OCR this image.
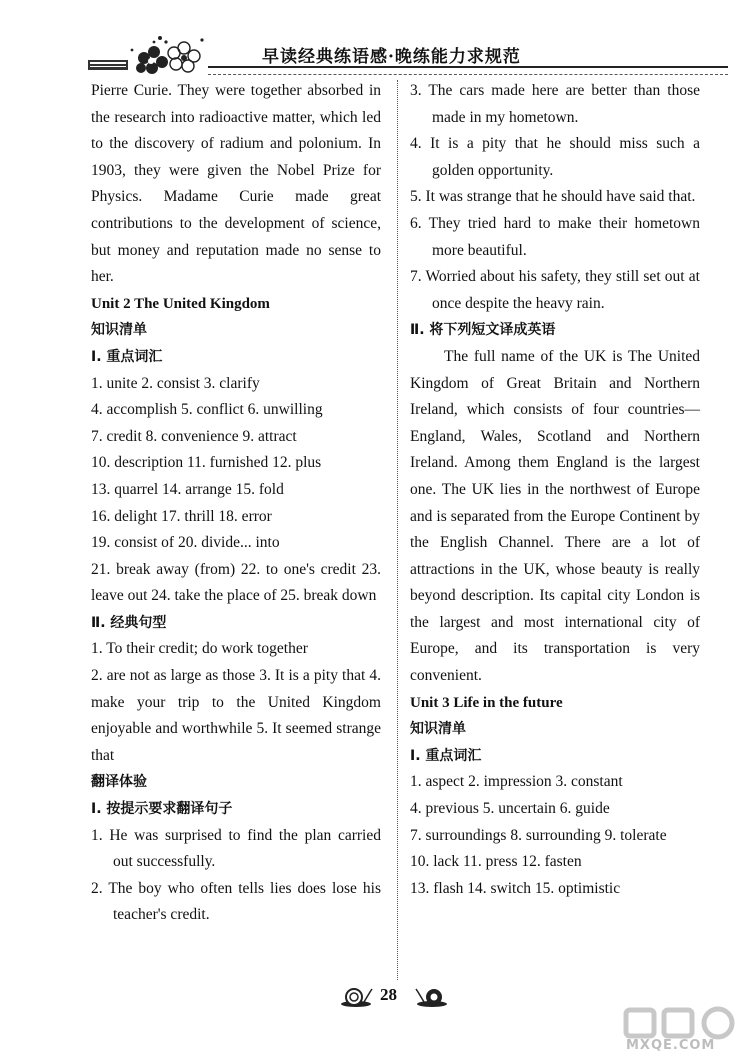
早读经典练语感·晚练能力求规范

Pierre Curie. They were together absorbed in the research into radioactive matter, which led to the discovery of radium and polonium. In 1903, they were given the Nobel Prize for Physics. Madame Curie made great contributions to the development of science, but money and reputation made no sense to her.

Unit 2 The United Kingdom

知识清单

Ⅰ. 重点词汇

1. unite 2. consist 3. clarify

4. accomplish 5. conflict 6. unwilling

7. credit 8. convenience 9. attract

10. description 11. furnished 12. plus

13. quarrel 14. arrange 15. fold

16. delight 17. thrill 18. error

19. consist of 20. divide... into

21. break away (from) 22. to one's credit 23. leave out 24. take the place of 25. break down

Ⅱ. 经典句型

1. To their credit; do work together

2. are not as large as those 3. It is a pity that 4. make your trip to the United Kingdom enjoyable and worthwhile 5. It seemed strange that

翻译体验

Ⅰ. 按提示要求翻译句子

1. He was surprised to find the plan carried out successfully.

2. The boy who often tells lies does lose his teacher's credit.

3. The cars made here are better than those made in my hometown.

4. It is a pity that he should miss such a golden opportunity.

5. It was strange that he should have said that.

6. They tried hard to make their hometown more beautiful.

7. Worried about his safety, they still set out at once despite the heavy rain.

Ⅱ. 将下列短文译成英语

The full name of the UK is The United Kingdom of Great Britain and Northern Ireland, which consists of four countries—England, Wales, Scotland and Northern Ireland. Among them England is the largest one. The UK lies in the northwest of Europe and is separated from the Europe Continent by the English Channel. There are a lot of attractions in the UK, whose beauty is really beyond description. Its capital city London is the largest and most international city of Europe, and its transportation is very convenient.

Unit 3 Life in the future

知识清单

Ⅰ. 重点词汇

1. aspect 2. impression 3. constant

4. previous 5. uncertain 6. guide

7. surroundings 8. surrounding 9. tolerate

10. lack 11. press 12. fasten

13. flash 14. switch 15. optimistic

28
MXQE.COM
